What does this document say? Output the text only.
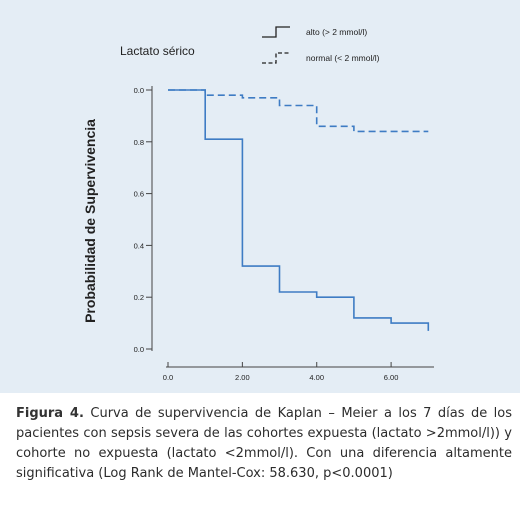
Lactato sérico
alto (> 2 mmol/l)
normal (< 2 mmol/l)
Probabilidad de Supervivencia
0.0
0.2
0.4
0.6
0.8
0.0
0.0	2.00	4.00	6.00
Figura 4. Curva de supervivencia de Kaplan – Meier a los 7 días de los pacientes con sepsis severa de las cohortes expuesta (lactato >2mmol/l)) y cohorte no expuesta (lactato <2mmol/l). Con una diferencia altamente significativa (Log Rank de Mantel-Cox: 58.630, p<0.0001)
